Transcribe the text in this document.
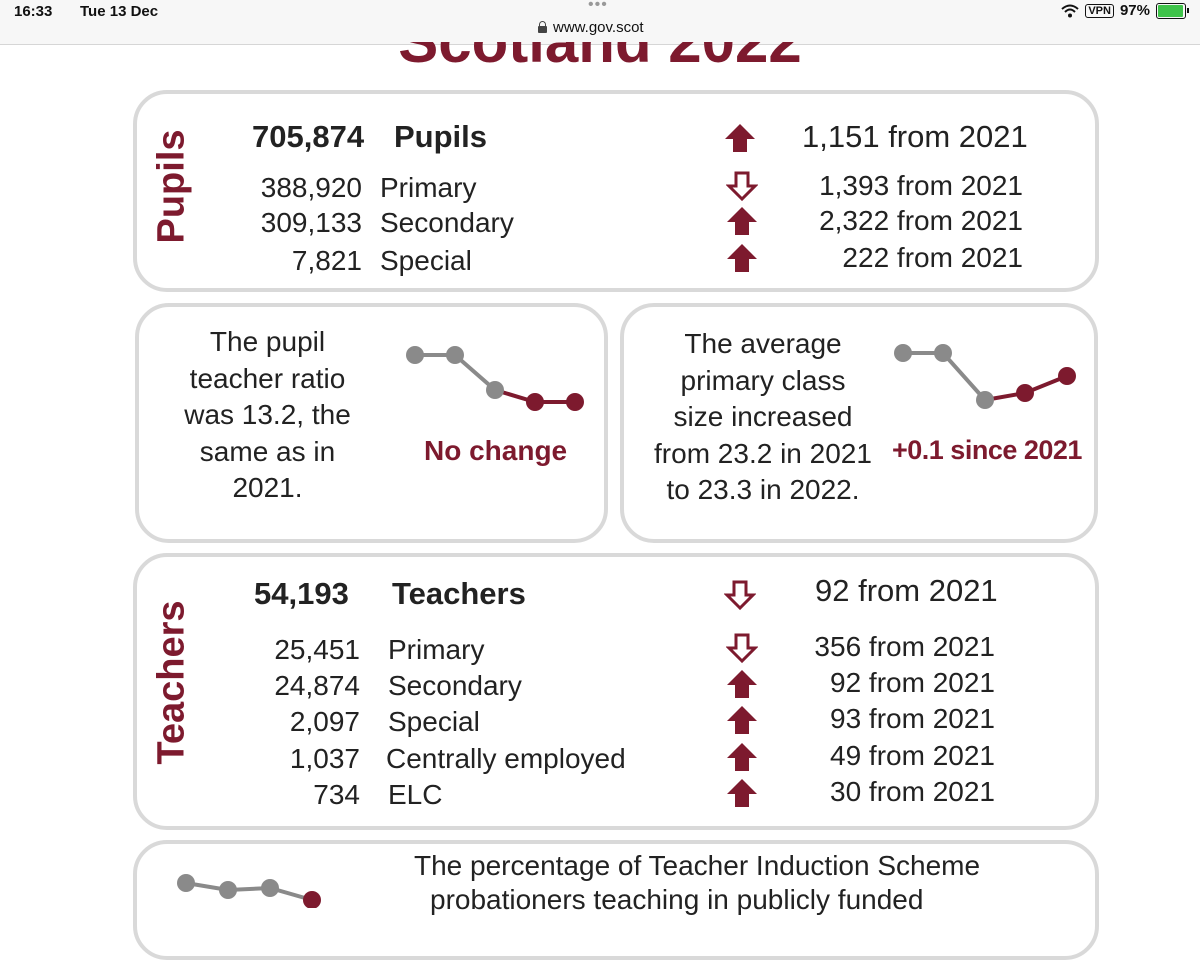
16:33 Tue 13 Dec	•••
www.gov.scot
VPN 97%
Pupils 705,874 Pupils	1,151 from 2021
388,920 Primary	1,393 from 2021
309,133 Secondary	2,322 from 2021
7,821 Special	222 from 2021
The pupil
teacher ratio
was 13.2, the
same as in
2021.
No change
The average
primary class
size increased
from 23.2 in 2021
to 23.3 in 2022.
+0.1 since 2021
Teachers
54,193 Teachers	92 from 2021
25,451 Primary	356 from 2021
24,874 Secondary	92 from 2021
2,097 Special	93 from 2021
1,037 Centrally employed	49 from 2021
734 ELC	30 from 2021
The percentage of Teacher Induction Scheme
probationers teaching in publicly funded
